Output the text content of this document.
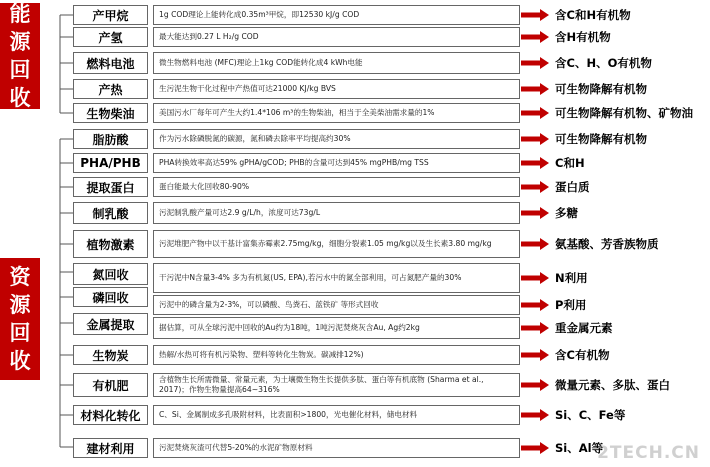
能
源
回
收
资
源
回
收
产甲烷	1g COD理论上能转化成0.35m³甲烷，即12530 kJ/g COD	含C和H有机物
产氢	最大能达到0.27 L H₂/g COD	含H有机物
燃料电池	微生物燃料电池 (MFC)理论上1kg COD能转化成4 kWh电能	含C、H、O有机物
产热	生污泥生物干化过程中产热值可达21000 KJ/kg BVS	可生物降解有机物
生物柴油	美国污水厂每年可产生大约1.4*106 m³的生物柴油，相当于全美柴油需求量的1%	可生物降解有机物、矿物油
脂肪酸	作为污水除磷脱氮的碳源，氮和磷去除率平均提高约30%	可生物降解有机物
PHA/PHB	PHA转换效率高达59% gPHA/gCOD; PHB的含量可达到45% mgPHB/mg TSS	C和H
提取蛋白	蛋白能最大化回收80-90%	蛋白质
制乳酸	污泥制乳酸产量可达2.9 g/L/h，浓度可达73g/L	多糖
植物激素	污泥堆肥产物中以干基计富集赤霉素2.75mg/kg，细胞分裂素1.05 mg/kg以及生长素3.80 mg/kg	氨基酸、芳香族物质
氮回收	干污泥中N含量3-4% 多为有机氮(US, EPA),若污水中的氮全部利用，可占氮肥产量的30%	N利用
磷回收	污泥中的磷含量为2-3%，可以磷酸、鸟粪石、蓝铁矿 等形式回收	P利用
金属提取	据估算，可从全球污泥中回收的Au约为18吨，1吨污泥焚烧灰含Au, Ag约2kg	重金属元素
生物炭	热解/水热可将有机污染物、塑料等转化生物炭。碳减排12%)	含C有机物
有机肥	含植物生长所需微量、常量元素，为土壤微生物生长提供多肽、蛋白等有机底物 (Sharma et al., 2017)；作物生物量提高64~316%	微量元素、多肽、蛋白
材料化转化	C、Si、金属制成多孔吸附材料，比表面积>1800，光电催化材料，储电材料	Si、C、Fe等
建材利用	污泥焚烧灰渣可代替5-20%的水泥矿物原材料	Si、Al等
2TECH.CN
